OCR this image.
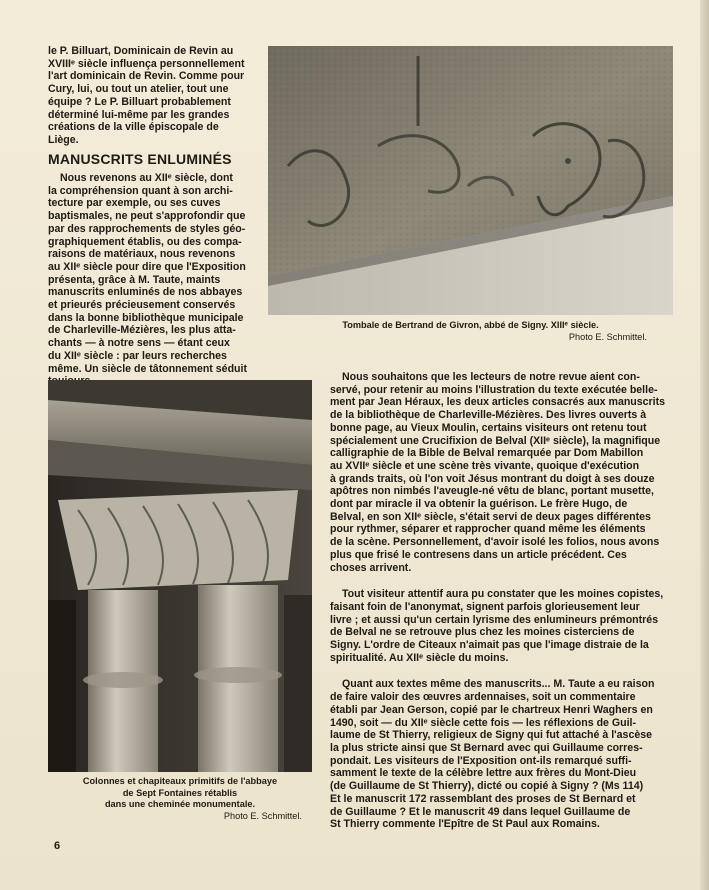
le P. Billuart, Dominicain de Revin au
XVIIIᵉ siècle influença personnellement
l'art dominicain de Revin. Comme pour
Cury, lui, ou tout un atelier, tout une
équipe ? Le P. Billuart probablement
déterminé lui-même par les grandes
créations de la ville épiscopale de
Liège.
MANUSCRITS ENLUMINÉS
Nous revenons au XIIᵉ siècle, dont
la compréhension quant à son archi-
tecture par exemple, ou ses cuves
baptismales, ne peut s'approfondir que
par des rapprochements de styles géo-
graphiquement établis, ou des compa-
raisons de matériaux, nous revenons
au XIIᵉ siècle pour dire que l'Exposition
présenta, grâce à M. Taute, maints
manuscrits enluminés de nos abbayes
et prieurés précieusement conservés
dans la bonne bibliothèque municipale
de Charleville-Mézières, les plus atta-
chants — à notre sens — étant ceux
du XIIᵉ siècle : par leurs recherches
même. Un siècle de tâtonnement séduit

Tombale de Bertrand de Givron, abbé de Signy. XIIIᵉ siècle.
Photo E. Schmittel.

Colonnes et chapiteaux primitifs de l'abbaye
de Sept Fontaines rétablis
dans une cheminée monumentale.
Photo E. Schmittel.

Nous souhaitons que les lecteurs de notre revue aient con-
servé, pour retenir au moins l'illustration du texte exécutée belle-
ment par Jean Héraux, les deux articles consacrés aux manuscrits
de la bibliothèque de Charleville-Mézières. Des livres ouverts à
bonne page, au Vieux Moulin, certains visiteurs ont retenu tout
spécialement une Crucifixion de Belval (XIIᵉ siècle), la magnifique
calligraphie de la Bible de Belval remarquée par Dom Mabillon
au XVIIᵉ siècle et une scène très vivante, quoique d'exécution
à grands traits, où l'on voit Jésus montrant du doigt à ses douze
apôtres non nimbés l'aveugle-né vêtu de blanc, portant musette,
dont par miracle il va obtenir la guérison. Le frère Hugo, de
Belval, en son XIIᵉ siècle, s'était servi de deux pages différentes
pour rythmer, séparer et rapprocher quand même les éléments
de la scène. Personnellement, d'avoir isolé les folios, nous avons
plus que frisé le contresens dans un article précédent. Ces
choses arrivent.
Tout visiteur attentif aura pu constater que les moines copistes,
faisant foin de l'anonymat, signent parfois glorieusement leur
livre ; et aussi qu'un certain lyrisme des enlumineurs prémontrés
de Belval ne se retrouve plus chez les moines cisterciens de
Signy. L'ordre de Citeaux n'aimait pas que l'image distraie de la
spiritualité. Au XIIᵉ siècle du moins.
Quant aux textes même des manuscrits... M. Taute a eu raison
de faire valoir des œuvres ardennaises, soit un commentaire
établi par Jean Gerson, copié par le chartreux Henri Waghers en
1490, soit — du XIIᵉ siècle cette fois — les réflexions de Guil-
laume de St Thierry, religieux de Signy qui fut attaché à l'ascèse
la plus stricte ainsi que St Bernard avec qui Guillaume corres-
pondait. Les visiteurs de l'Exposition ont-ils remarqué suffi-
samment le texte de la célèbre lettre aux frères du Mont-Dieu
(de Guillaume de St Thierry), dicté ou copié à Signy ? (Ms 114)
Et le manuscrit 172 rassemblant des proses de St Bernard et
de Guillaume ? Et le manuscrit 49 dans lequel Guillaume de
St Thierry commente l'Epître de St Paul aux Romains.
6
